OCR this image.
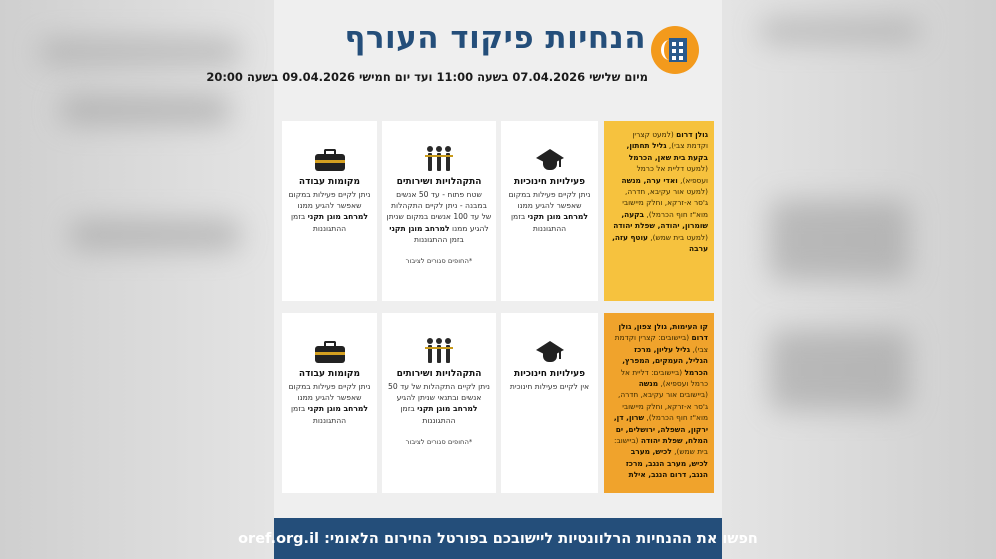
הנחיות פיקוד העורף
מיום שלישי 07.04.2026 בשעה 11:00 ועד יום חמישי 09.04.2026 בשעה 20:00
גולן דרום (למעט קצרין וקדמת צבי), גליל תחתון, בקעת בית שאן, הכרמל (למעט דליית אל כרמל ועספיא), ואדי ערה, מנשה (למעט אור עקיבא, חדרה, ג'סר א-זרקא, וחלק מיישובי מוא"ז חוף הכרמל), בקעה, שומרון, יהודה, שפלת יהודה (למעט בית שמש), עוטף עזה, ערבה
פעילויות חינוכיות
ניתן לקיים פעילות במקום שאפשר להגיע ממנו למרחב מוגן תקני בזמן ההתגוננות
התקהלויות ושירותים
שטח פתוח - עד 50 אנשים במבנה - ניתן לקיים התקהלות של עד 100 אנשים במקום שניתן להגיע ממנו למרחב מוגן תקני בזמן ההתגוננות
*החופים סגורים לציבור
מקומות עבודה
ניתן לקיים פעילות במקום שאפשר להגיע ממנו למרחב מוגן תקני בזמן ההתגוננות
קו העימות, גולן צפון, גולן דרום (ביישובים: קצרין וקדמת צבי), גליל עליון, מרכז הגליל, העמקים, המפרץ, הכרמל (ביישובים: דליית אל כרמל ועספיא), מנשה (ביישובים אור עקיבא, חדרה, ג'סר א-זרקא, וחלק מיישובי מוא"ז חוף הכרמל), שרון, דן, ירקון, השפלה, ירושלים, ים המלח, שפלת יהודה (ביישוב: בית שמש), לכיש, מערב לכיש, מערב הנגב, מרכז הנגב, דרום הנגב, אילת
פעילויות חינוכיות
אין לקיים פעילות חינוכית
התקהלויות ושירותים
ניתן לקיים התקהלות של עד 50 אנשים ובתנאי שניתן להגיע למרחב מוגן תקני בזמן ההתגוננות
*החופים סגורים לציבור
מקומות עבודה
ניתן לקיים פעילות במקום שאפשר להגיע ממנו למרחב מוגן תקני בזמן ההתגוננות
חפשו את ההנחיות הרלוונטיות ליישובכם בפורטל החירום הלאומי: oref.org.il
